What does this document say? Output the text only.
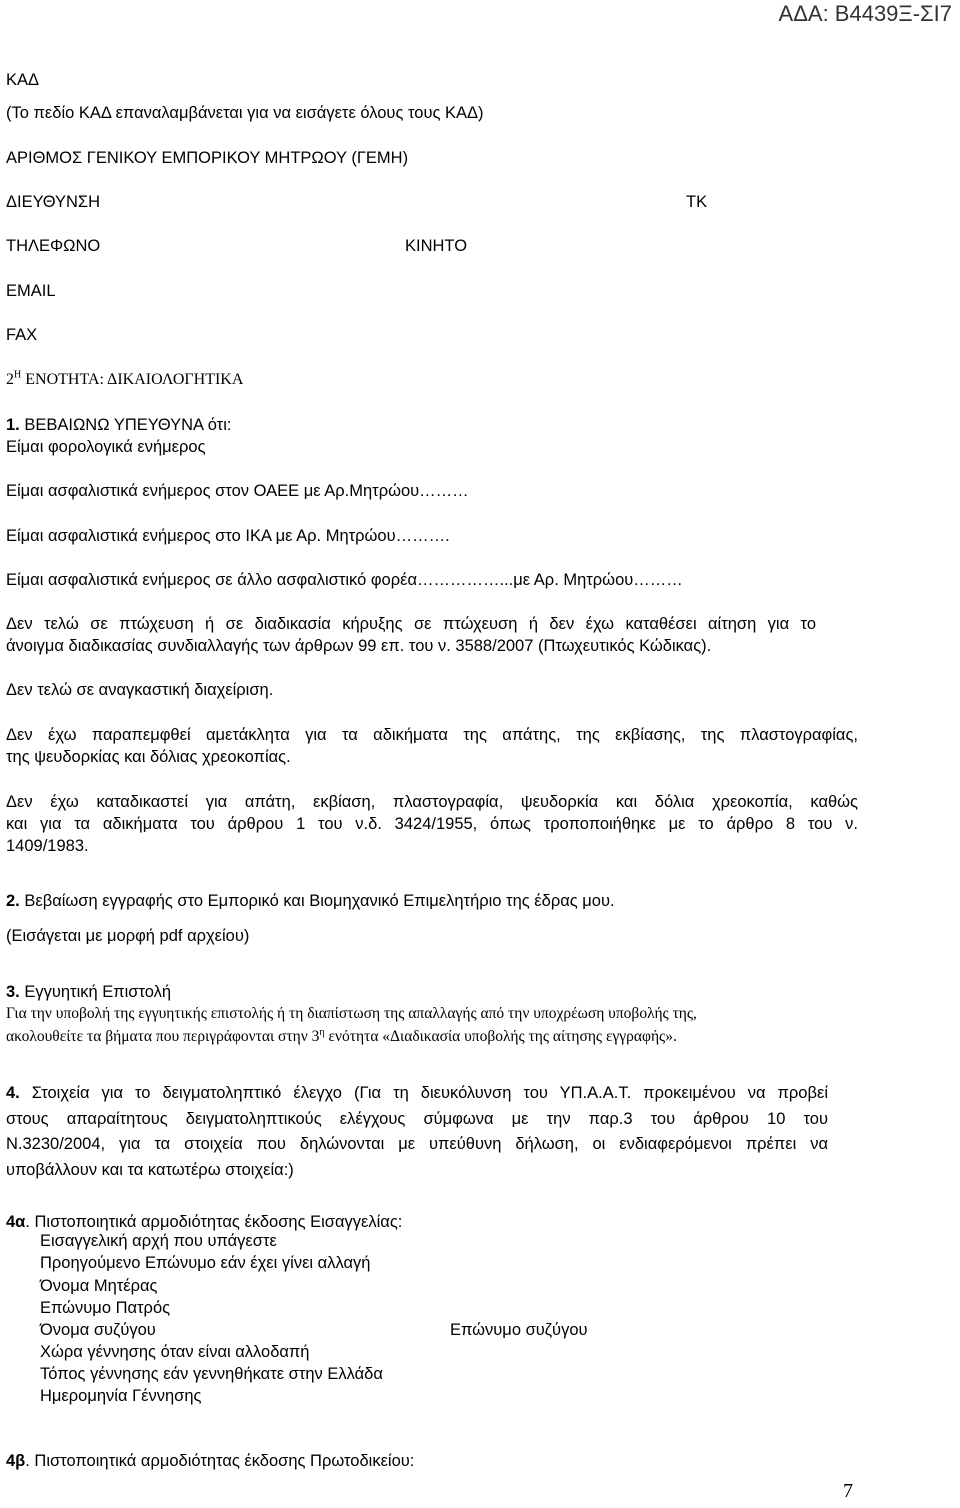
ΑΔΑ: Β4439Ξ-ΣΙ7
ΚΑΔ
(Το πεδίο ΚΑΔ επαναλαμβάνεται για να εισάγετε όλους τους ΚΑΔ)
ΑΡΙΘΜΟΣ ΓΕΝΙΚΟΥ ΕΜΠΟΡΙΚΟΥ ΜΗΤΡΩΟΥ (ΓΕΜΗ)
ΔΙΕΥΘΥΝΣΗ	ΤΚ
ΤΗΛΕΦΩΝΟ	ΚΙΝΗΤΟ
EMAIL
FAX
$2^H$ ΕΝΟΤΗΤΑ: ΔΙΚΑΙΟΛΟΓΗΤΙΚΑ
1. ΒΕΒΑΙΩΝΩ ΥΠΕΥΘΥΝΑ ότι:
Είμαι φορολογικά ενήμερος
Είμαι ασφαλιστικά ενήμερος στον ΟΑΕΕ με Αρ.Μητρώου………
Είμαι ασφαλιστικά ενήμερος στο ΙΚΑ με Αρ. Μητρώου……….
Είμαι ασφαλιστικά ενήμερος σε άλλο ασφαλιστικό φορέα……………...με Αρ. Μητρώου………
Δεν τελώ σε πτώχευση ή σε διαδικασία κήρυξης σε πτώχευση ή δεν έχω καταθέσει αίτηση για το
άνοιγμα διαδικασίας συνδιαλλαγής των άρθρων 99 επ. του ν. 3588/2007 (Πτωχευτικός Κώδικας).
Δεν τελώ σε αναγκαστική διαχείριση.
Δεν έχω παραπεμφθεί αμετάκλητα για τα αδικήματα της απάτης, της εκβίασης, της πλαστογραφίας,
της ψευδορκίας και δόλιας χρεοκοπίας.
Δεν έχω καταδικαστεί για απάτη, εκβίαση, πλαστογραφία, ψευδορκία και δόλια χρεοκοπία, καθώς
και για τα αδικήματα του άρθρου 1 του ν.δ. 3424/1955, όπως τροποποιήθηκε με το άρθρο 8 του ν.
1409/1983.
2. Βεβαίωση εγγραφής στο Εμπορικό και Βιομηχανικό Επιμελητήριο της έδρας μου.
(Εισάγεται με μορφή pdf αρχείου)
3. Εγγυητική Επιστολή
Για την υποβολή της εγγυητικής επιστολής ή τη διαπίστωση της απαλλαγής από την υποχρέωση υποβολής της,
ακολουθείτε τα βήματα που περιγράφονται στην $3^\eta$ ενότητα «Διαδικασία υποβολής της αίτησης εγγραφής».
4. Στοιχεία για το δειγματοληπτικό έλεγχο (Για τη διευκόλυνση του ΥΠ.Α.Α.Τ. προκειμένου να προβεί
στους απαραίτητους δειγματοληπτικούς ελέγχους σύμφωνα με την παρ.3 του άρθρου 10 του
Ν.3230/2004, για τα στοιχεία που δηλώνονται με υπεύθυνη δήλωση, οι ενδιαφερόμενοι πρέπει να
υποβάλλουν και τα κατωτέρω στοιχεία:)
4α. Πιστοποιητικά αρμοδιότητας έκδοσης Εισαγγελίας:
Εισαγγελική αρχή που υπάγεστε
Προηγούμενο Επώνυμο εάν έχει γίνει αλλαγή
Όνομα Μητέρας
Επώνυμο Πατρός
Όνομα συζύγου	Επώνυμο συζύγου
Χώρα γέννησης όταν είναι αλλοδαπή
Τόπος γέννησης εάν γεννηθήκατε στην Ελλάδα
Ημερομηνία Γέννησης
4β. Πιστοποιητικά αρμοδιότητας έκδοσης Πρωτοδικείου:
7
